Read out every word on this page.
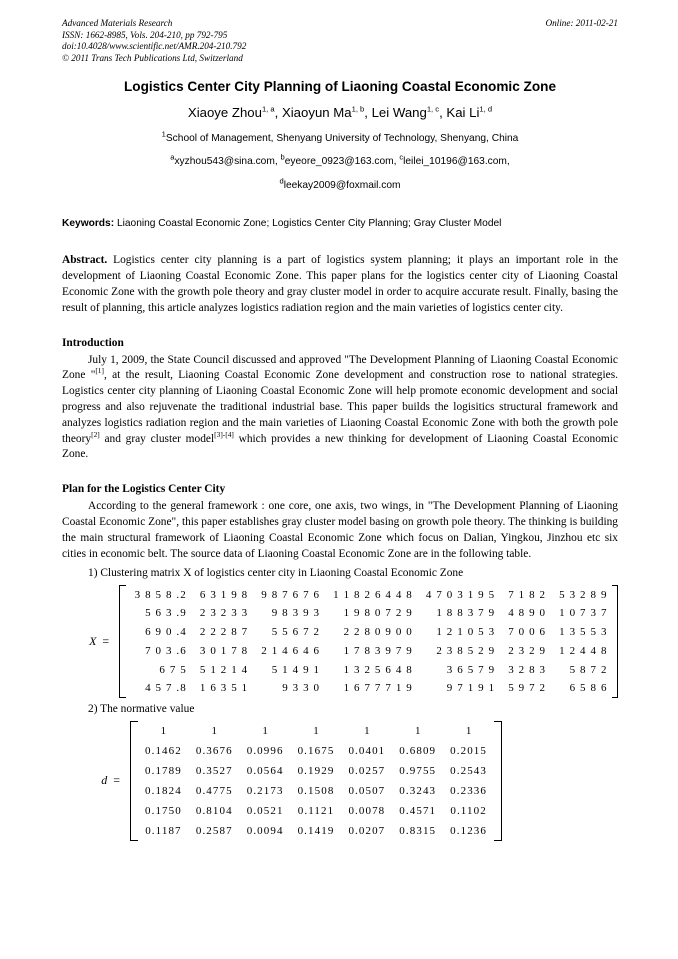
Advanced Materials Research
ISSN: 1662-8985, Vols. 204-210, pp 792-795
doi:10.4028/www.scientific.net/AMR.204-210.792
© 2011 Trans Tech Publications Ltd, Switzerland
Online: 2011-02-21
Logistics Center City Planning of Liaoning Coastal Economic Zone
Xiaoye Zhou$^{1, a}$, Xiaoyun Ma$^{1, b}$, Lei Wang$^{1, c}$, Kai Li$^{1, d}$
$^1$School of Management, Shenyang University of Technology, Shenyang, China
$^a$xyzhou543@sina.com, $^b$eyeore_0923@163.com, $^c$leilei_10196@163.com,
$^d$leekay2009@foxmail.com
Keywords: Liaoning Coastal Economic Zone; Logistics Center City Planning; Gray Cluster Model
Abstract. Logistics center city planning is a part of logistics system planning; it plays an important role in the development of Liaoning Coastal Economic Zone. This paper plans for the logistics center city of Liaoning Coastal Economic Zone with the growth pole theory and gray cluster model in order to acquire accurate result. Finally, basing the result of planning, this article analyzes logistics radiation region and the main varieties of logistics center city.
Introduction
July 1, 2009, the State Council discussed and approved "The Development Planning of Liaoning Coastal Economic Zone "[1], at the result, Liaoning Coastal Economic Zone development and construction rose to national strategies. Logistics center city planning of Liaoning Coastal Economic Zone will help promote economic development and social progress and also rejuvenate the traditional industrial base. This paper builds the logisitics structural framework and analyzes logistics radiation region and the main varieties of Liaoning Coastal Economic Zone with both the growth pole theory[2] and gray cluster model[3]-[4] which provides a new thinking for development of Liaoning Coastal Economic Zone.
Plan for the Logistics Center City
According to the general framework : one core, one axis, two wings, in "The Development Planning of Liaoning Coastal Economic Zone", this paper establishes gray cluster model basing on growth pole theory. The thinking is building the main structural framework of Liaoning Coastal Economic Zone which focus on Dalian, Yingkou, Jinzhou etc six cities in economic belt. The source data of Liaoning Coastal Economic Zone are in the following table.
1) Clustering matrix X of logistics center city in Liaoning Coastal Economic Zone
X =
3 8 5 8 .2	6 3 1 9 8	9 8 7 6 7 6	1 1 8 2 6 4 4 8	4 7 0 3 1 9 5	7 1 8 2	5 3 2 8 9
5 6 3 .9	2 3 2 3 3	9 8 3 9 3	1 9 8 0 7 2 9	1 8 8 3 7 9	4 8 9 0	1 0 7 3 7
6 9 0 .4	2 2 2 8 7	5 5 6 7 2	2 2 8 0 9 0 0	1 2 1 0 5 3	7 0 0 6	1 3 5 5 3
7 0 3 .6	3 0 1 7 8	2 1 4 6 4 6	1 7 8 3 9 7 9	2 3 8 5 2 9	2 3 2 9	1 2 4 4 8
6 7 5	5 1 2 1 4	5 1 4 9 1	1 3 2 5 6 4 8	3 6 5 7 9	3 2 8 3	5 8 7 2
4 5 7 .8	1 6 3 5 1	9 3 3 0	1 6 7 7 7 1 9	9 7 1 9 1	5 9 7 2	6 5 8 6
2) The normative value
d =
1	1	1	1	1	1	1
0.1462	0.3676	0.0996	0.1675	0.0401	0.6809	0.2015
0.1789	0.3527	0.0564	0.1929	0.0257	0.9755	0.2543
0.1824	0.4775	0.2173	0.1508	0.0507	0.3243	0.2336
0.1750	0.8104	0.0521	0.1121	0.0078	0.4571	0.1102
0.1187	0.2587	0.0094	0.1419	0.0207	0.8315	0.1236
